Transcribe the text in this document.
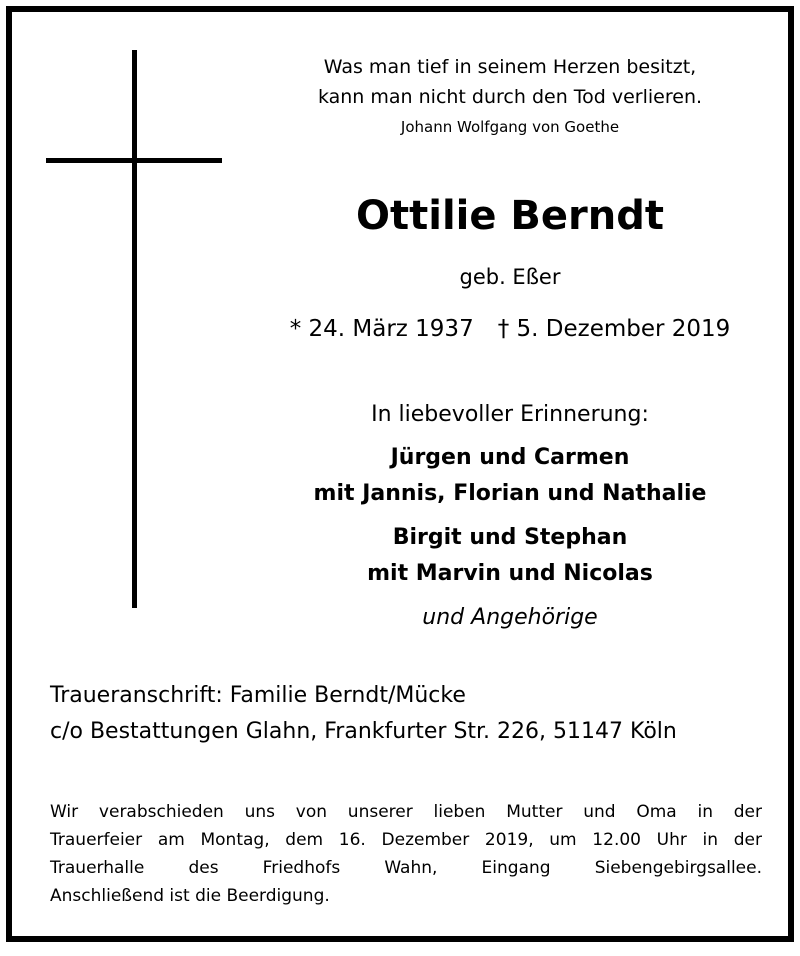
Was man tief in seinem Herzen besitzt,
kann man nicht durch den Tod verlieren.
Johann Wolfgang von Goethe
Ottilie Berndt
geb. Eßer
* 24. März 1937 † 5. Dezember 2019
In liebevoller Erinnerung:
Jürgen und Carmen
mit Jannis, Florian und Nathalie
Birgit und Stephan
mit Marvin und Nicolas
und Angehörige
Traueranschrift: Familie Berndt/Mücke
c/o Bestattungen Glahn, Frankfurter Str. 226, 51147 Köln
Wir verabschieden uns von unserer lieben Mutter und Oma in der
Trauerfeier am Montag, dem 16. Dezember 2019, um 12.00 Uhr in der
Trauerhalle des Friedhofs Wahn, Eingang Siebengebirgsallee.
Anschließend ist die Beerdigung.
